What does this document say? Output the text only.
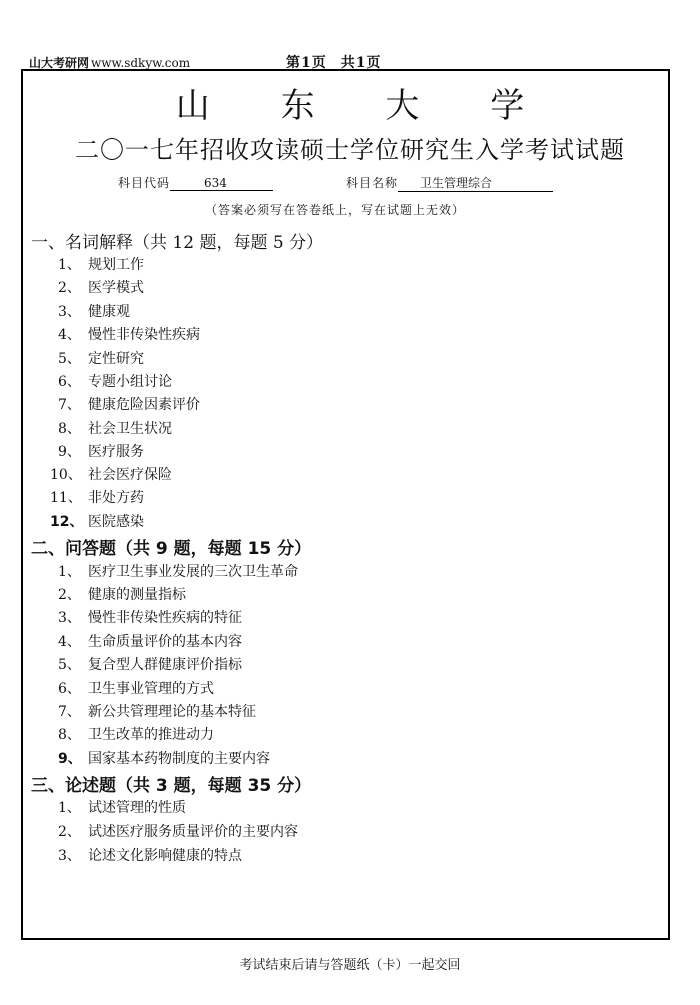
山大考研网 www.sdkyw.com	第1页 共1页
山 东 大 学
二〇一七年招收攻读硕士学位研究生入学考试试题
科目代码	634	科目名称 卫生管理综合
（答案必须写在答卷纸上，写在试题上无效）
一、名词解释（共 12 题，每题 5 分）
1、 规划工作
2、 医学模式
3、 健康观
4、 慢性非传染性疾病
5、 定性研究
6、 专题小组讨论
7、 健康危险因素评价
8、 社会卫生状况
9、 医疗服务
10、 社会医疗保险
11、 非处方药
12、 医院感染
二、问答题（共 9 题，每题 15 分）
1、 医疗卫生事业发展的三次卫生革命
2、 健康的测量指标
3、 慢性非传染性疾病的特征
4、 生命质量评价的基本内容
5、 复合型人群健康评价指标
6、 卫生事业管理的方式
7、 新公共管理理论的基本特征
8、 卫生改革的推进动力
9、 国家基本药物制度的主要内容
三、论述题（共 3 题，每题 35 分）
1、 试述管理的性质
2、 试述医疗服务质量评价的主要内容
3、 论述文化影响健康的特点
考试结束后请与答题纸（卡）一起交回
